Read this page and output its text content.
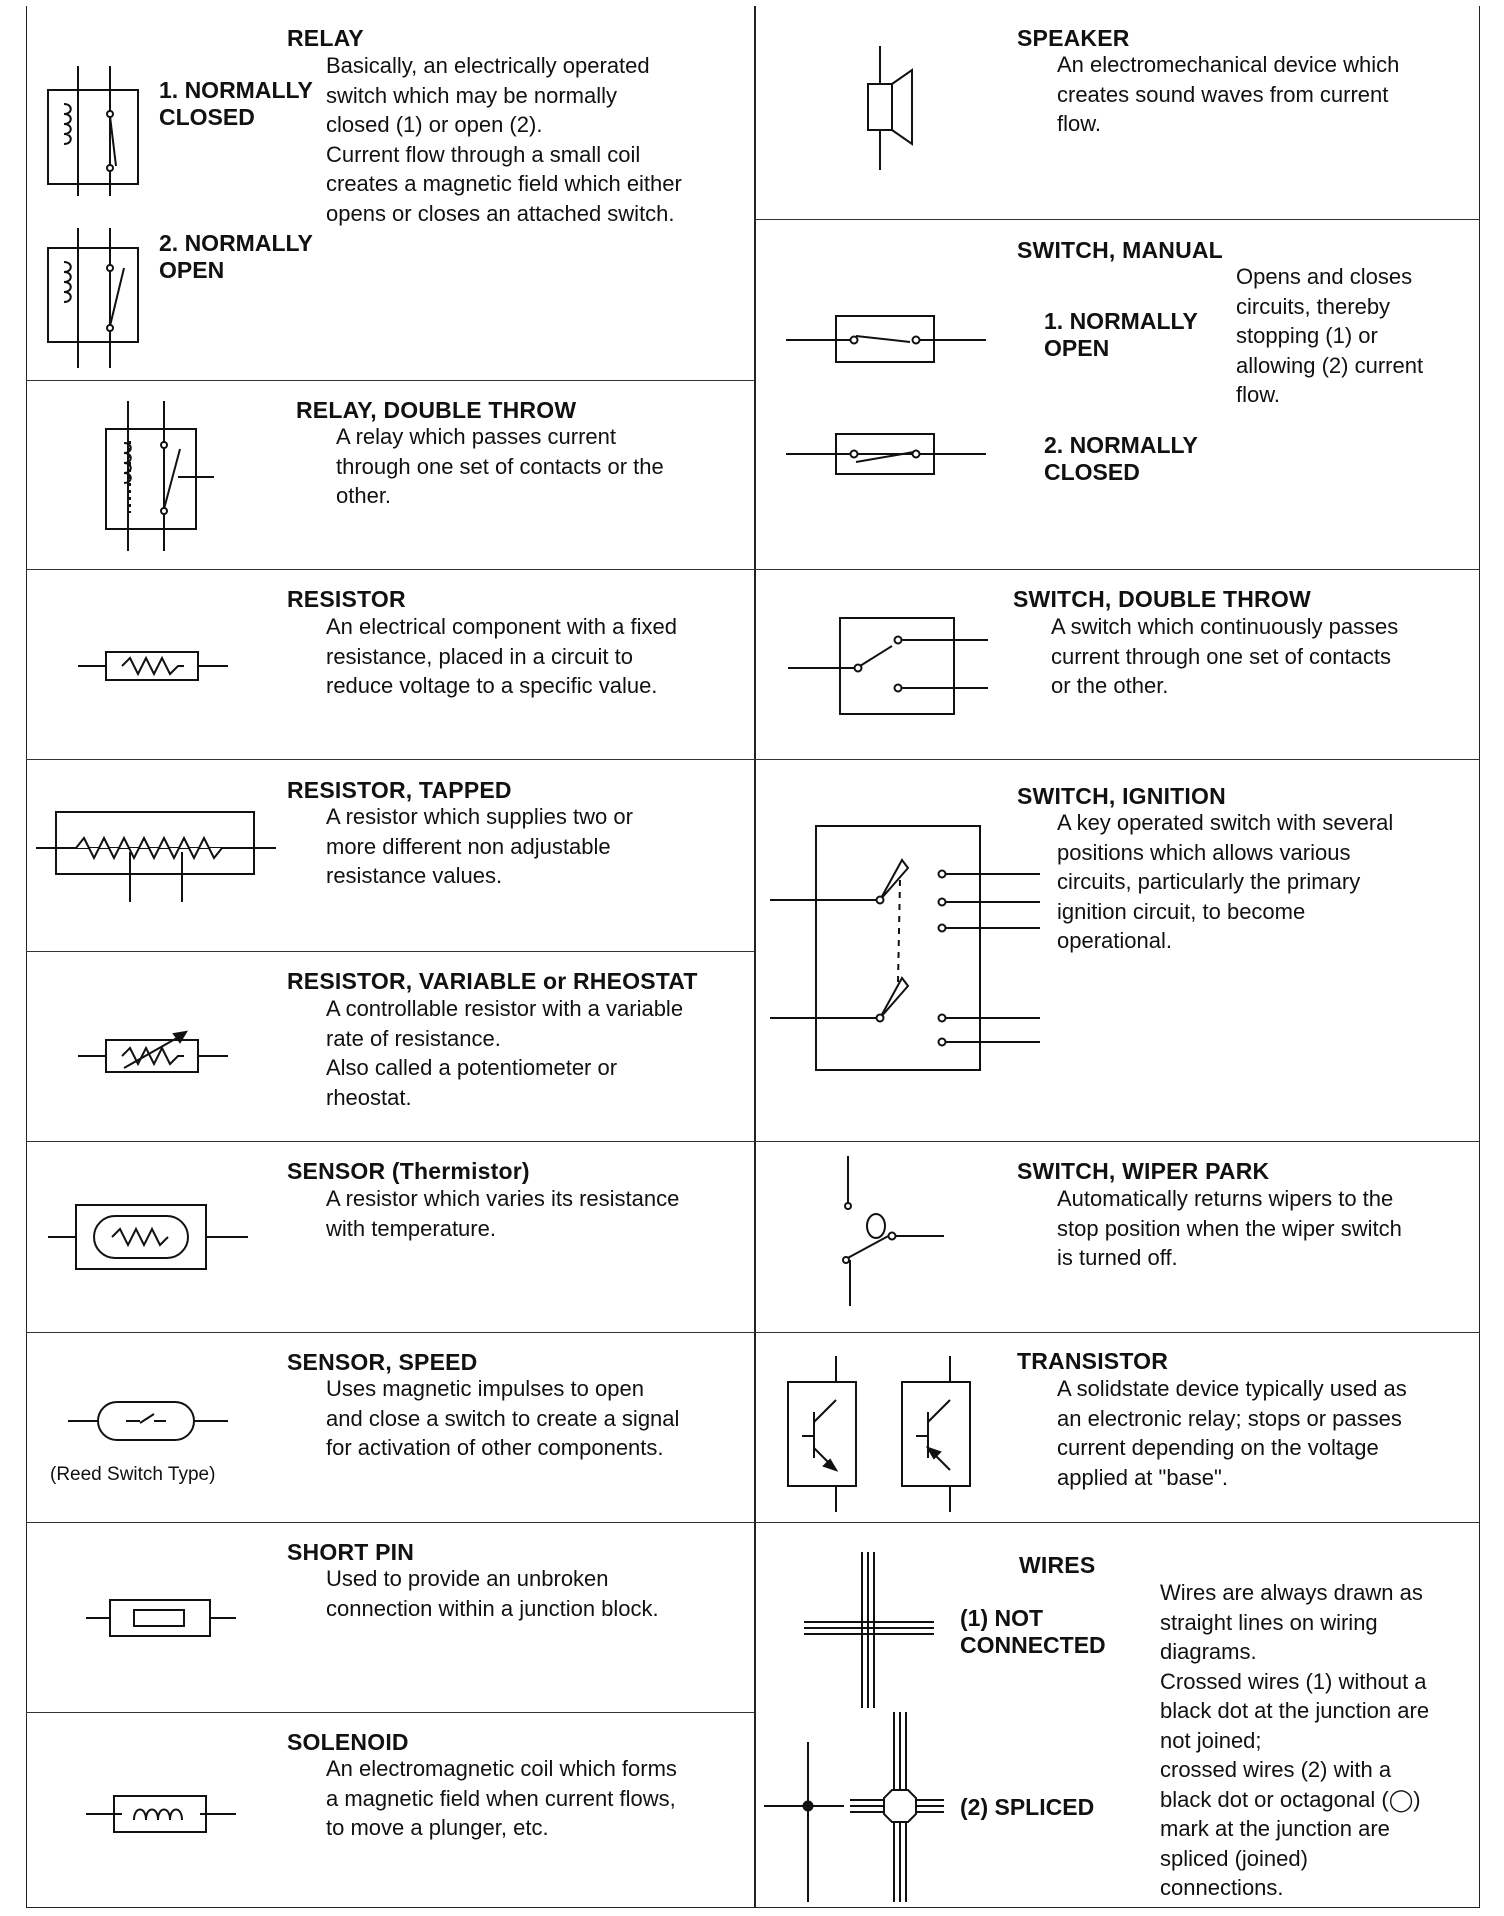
RELAY
Basically, an electrically operated
switch which may be normally
closed (1) or open (2).
Current flow through a small coil
creates a magnetic field which either
opens or closes an attached switch.
1. NORMALLY
CLOSED
2. NORMALLY
OPEN
RELAY, DOUBLE THROW
A relay which passes current
through one set of contacts or the
other.
RESISTOR
An electrical component with a fixed
resistance, placed in a circuit to
reduce voltage to a specific value.
RESISTOR, TAPPED
A resistor which supplies two or
more different non adjustable
resistance values.
RESISTOR, VARIABLE or RHEOSTAT
A controllable resistor with a variable
rate of resistance.
Also called a potentiometer or
rheostat.
SENSOR (Thermistor)
A resistor which varies its resistance
with temperature.
SENSOR, SPEED
Uses magnetic impulses to open
and close a switch to create a signal
for activation of other components.
(Reed Switch Type)
SHORT PIN
Used to provide an unbroken
connection within a junction block.
SOLENOID
An electromagnetic coil which forms
a magnetic field when current flows,
to move a plunger, etc.
SPEAKER
An electromechanical device which
creates sound waves from current
flow.
SWITCH, MANUAL
Opens and closes
circuits, thereby
stopping (1) or
allowing (2) current
flow.
1. NORMALLY
OPEN
2. NORMALLY
CLOSED
SWITCH, DOUBLE THROW
A switch which continuously passes
current through one set of contacts
or the other.
SWITCH, IGNITION
A key operated switch with several
positions which allows various
circuits, particularly the primary
ignition circuit, to become
operational.
SWITCH, WIPER PARK
Automatically returns wipers to the
stop position when the wiper switch
is turned off.
TRANSISTOR
A solidstate device typically used as
an electronic relay; stops or passes
current depending on the voltage
applied at "base".
WIRES
Wires are always drawn as
straight lines on wiring
diagrams.
Crossed wires (1) without a
black dot at the junction are
not joined;
crossed wires (2) with a
black dot or octagonal (◯)
mark at the junction are
spliced (joined)
connections.
(1) NOT
CONNECTED
(2) SPLICED
